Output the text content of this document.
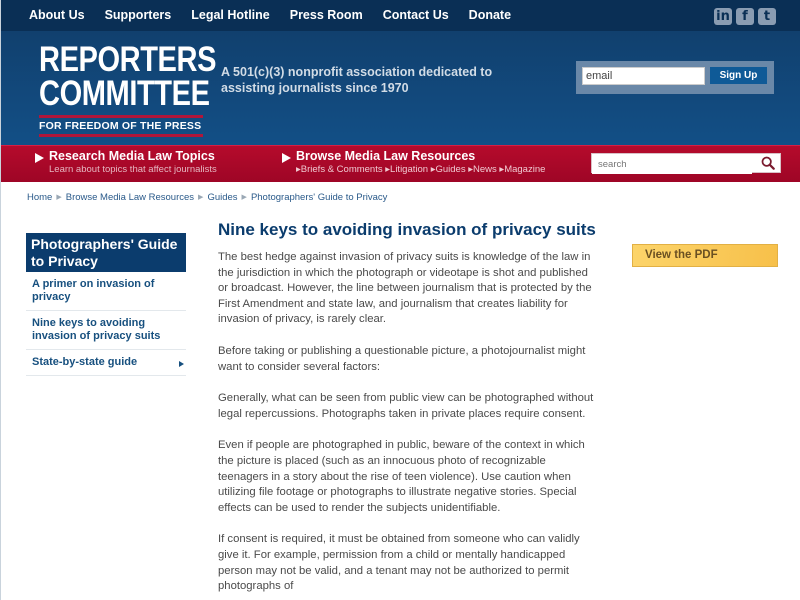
About Us Supporters Legal Hotline Press Room Contact Us Donate	in f	t
REPORTERS
COMMITTEE
FOR FREEDOM OF THE PRESS
A 501(c)(3) nonprofit association dedicated to assisting journalists since 1970
email
Sign Up
Research Media Law Topics
Learn about topics that affect journalists
Browse Media Law Resources
▸Briefs & Comments ▸Litigation ▸Guides ▸News ▸Magazine
search
Home ▶ Browse Media Law Resources ▶ Guides ▶ Photographers' Guide to Privacy
Photographers' Guide to Privacy
A primer on invasion of privacy
Nine keys to avoiding invasion of privacy suits
State-by-state guide
Nine keys to avoiding invasion of privacy suits

The best hedge against invasion of privacy suits is knowledge of the law in the jurisdiction in which the photograph or videotape is shot and published or broadcast. However, the line between journalism that is protected by the First Amendment and state law, and journalism that creates liability for invasion of privacy, is rarely clear.

Before taking or publishing a questionable picture, a photojournalist might want to consider several factors:

Generally, what can be seen from public view can be photographed without legal repercussions. Photographs taken in private places require consent.

Even if people are photographed in public, beware of the context in which the picture is placed (such as an innocuous photo of recognizable teenagers in a story about the rise of teen violence). Use caution when utilizing file footage or photographs to illustrate negative stories. Special effects can be used to render the subjects unidentifiable.

If consent is required, it must be obtained from someone who can validly give it. For example, permission from a child or mentally handicapped person may not be valid, and a tenant may not be authorized to permit photographs of

View the PDF
